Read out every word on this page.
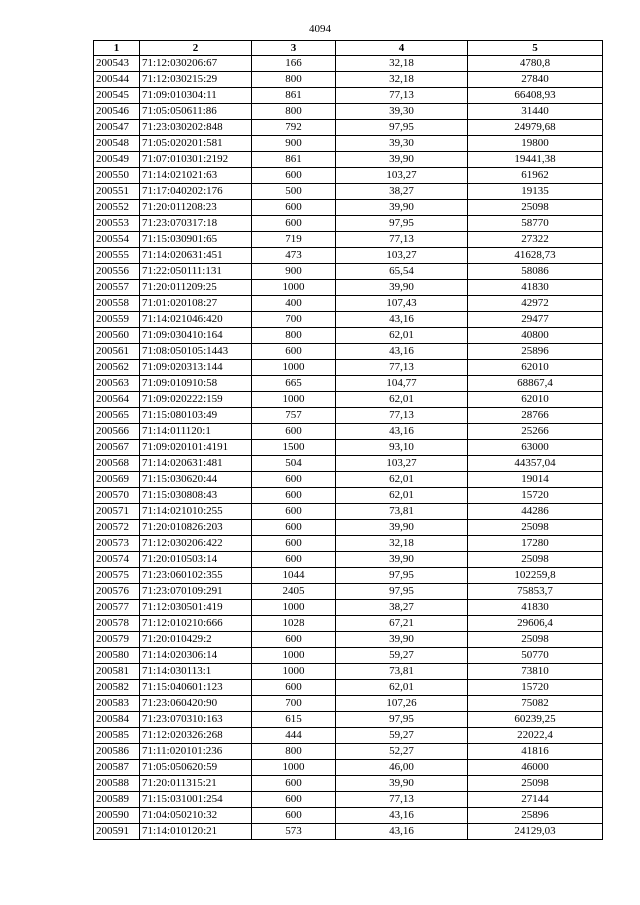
4094
1	2	3	4	5
200543	71:12:030206:67	166	32,18	4780,8
200544	71:12:030215:29	800	32,18	27840
200545	71:09:010304:11	861	77,13	66408,93
200546	71:05:050611:86	800	39,30	31440
200547	71:23:030202:848	792	97,95	24979,68
200548	71:05:020201:581	900	39,30	19800
200549	71:07:010301:2192	861	39,90	19441,38
200550	71:14:021021:63	600	103,27	61962
200551	71:17:040202:176	500	38,27	19135
200552	71:20:011208:23	600	39,90	25098
200553	71:23:070317:18	600	97,95	58770
200554	71:15:030901:65	719	77,13	27322
200555	71:14:020631:451	473	103,27	41628,73
200556	71:22:050111:131	900	65,54	58086
200557	71:20:011209:25	1000	39,90	41830
200558	71:01:020108:27	400	107,43	42972
200559	71:14:021046:420	700	43,16	29477
200560	71:09:030410:164	800	62,01	40800
200561	71:08:050105:1443	600	43,16	25896
200562	71:09:020313:144	1000	77,13	62010
200563	71:09:010910:58	665	104,77	68867,4
200564	71:09:020222:159	1000	62,01	62010
200565	71:15:080103:49	757	77,13	28766
200566	71:14:011120:1	600	43,16	25266
200567	71:09:020101:4191	1500	93,10	63000
200568	71:14:020631:481	504	103,27	44357,04
200569	71:15:030620:44	600	62,01	19014
200570	71:15:030808:43	600	62,01	15720
200571	71:14:021010:255	600	73,81	44286
200572	71:20:010826:203	600	39,90	25098
200573	71:12:030206:422	600	32,18	17280
200574	71:20:010503:14	600	39,90	25098
200575	71:23:060102:355	1044	97,95	102259,8
200576	71:23:070109:291	2405	97,95	75853,7
200577	71:12:030501:419	1000	38,27	41830
200578	71:12:010210:666	1028	67,21	29606,4
200579	71:20:010429:2	600	39,90	25098
200580	71:14:020306:14	1000	59,27	50770
200581	71:14:030113:1	1000	73,81	73810
200582	71:15:040601:123	600	62,01	15720
200583	71:23:060420:90	700	107,26	75082
200584	71:23:070310:163	615	97,95	60239,25
200585	71:12:020326:268	444	59,27	22022,4
200586	71:11:020101:236	800	52,27	41816
200587	71:05:050620:59	1000	46,00	46000
200588	71:20:011315:21	600	39,90	25098
200589	71:15:031001:254	600	77,13	27144
200590	71:04:050210:32	600	43,16	25896
200591	71:14:010120:21	573	43,16	24129,03
